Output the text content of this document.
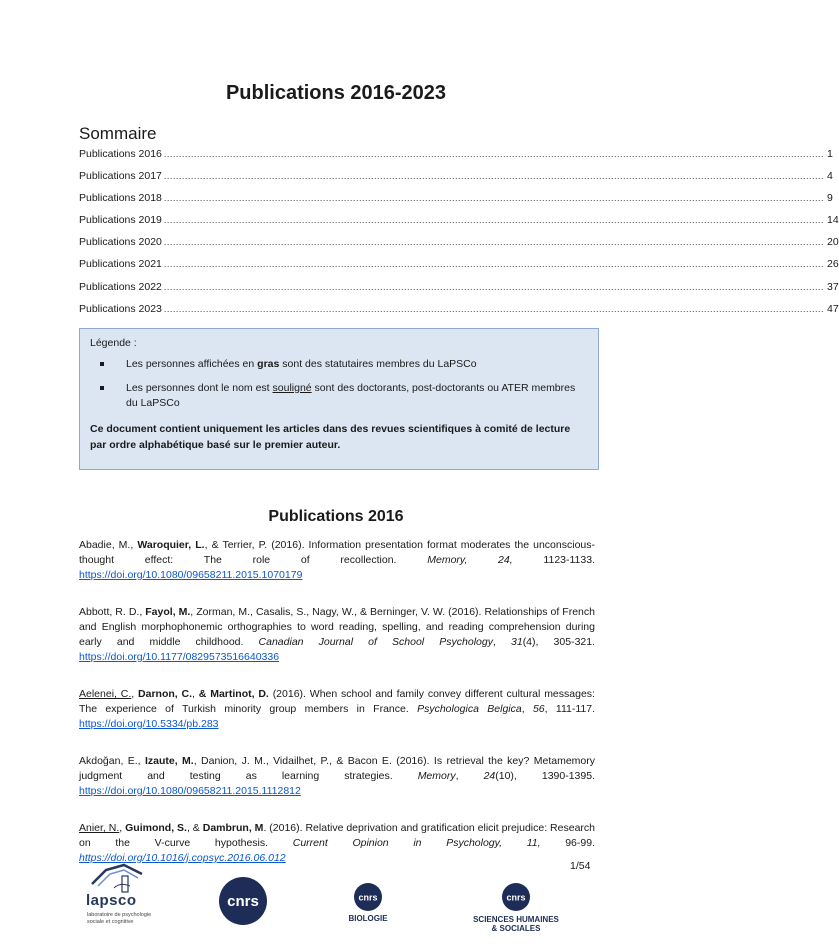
Publications 2016-2023
Sommaire
Publications 2016 ............................................................................................................................................................................................................................ 1
Publications 2017 ............................................................................................................................................................................................................................ 4
Publications 2018 ............................................................................................................................................................................................................................ 9
Publications 2019 ............................................................................................................................................................................................................................ 14
Publications 2020 ............................................................................................................................................................................................................................ 20
Publications 2021 ............................................................................................................................................................................................................................ 26
Publications 2022 ............................................................................................................................................................................................................................ 37
Publications 2023 ............................................................................................................................................................................................................................ 47

Légende :

Les personnes affichées en gras sont des statutaires membres du LaPSCo
Les personnes dont le nom est souligné sont des doctorants, post-doctorants ou ATER membres du LaPSCo

Ce document contient uniquement les articles dans des revues scientifiques à comité de lecture par ordre alphabétique basé sur le premier auteur.

Publications 2016

Abadie, M., Waroquier, L., & Terrier, P. (2016). Information presentation format moderates the unconscious-thought effect: The role of recollection. Memory, 24, 1123-1133. https://doi.org/10.1080/09658211.2015.1070179

Abbott, R. D., Fayol, M., Zorman, M., Casalis, S., Nagy, W., & Berninger, V. W. (2016). Relationships of French and English morphophonemic orthographies to word reading, spelling, and reading comprehension during early and middle childhood. Canadian Journal of School Psychology, 31(4), 305-321. https://doi.org/10.1177/0829573516640336

Aelenei, C., Darnon, C., & Martinot, D. (2016). When school and family convey different cultural messages: The experience of Turkish minority group members in France. Psychologica Belgica, 56, 111-117. https://doi.org/10.5334/pb.283

Akdoğan, E., Izaute, M., Danion, J. M., Vidailhet, P., & Bacon E. (2016). Is retrieval the key? Metamemory judgment and testing as learning strategies. Memory, 24(10), 1390-1395. https://doi.org/10.1080/09658211.2015.1112812

Anier, N., Guimond, S., & Dambrun, M. (2016). Relative deprivation and gratification elicit prejudice: Research on the V-curve hypothesis. Current Opinion in Psychology, 11, 96-99. https://doi.org/10.1016/j.copsyc.2016.06.012

1/54
lapsco
laboratoire de psychologie sociale et cognitive
cnrs	cnrs
BIOLOGIE
cnrs
SCIENCES HUMAINES
& SOCIALES
